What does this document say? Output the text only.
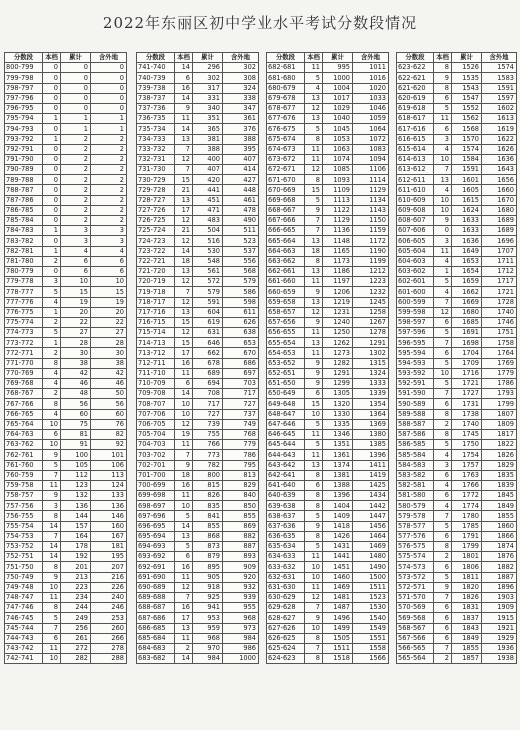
2022年东丽区初中学业水平考试分数段情况
分数段	本档	累计	含外地
800-799	0	0	0
799-798	0	0	0
798-797	0	0	0
797-796	0	0	0
796-795	0	0	0
795-794	1	1	1
794-793	0	1	1
793-792	1	2	2
792-791	0	2	2
791-790	0	2	2
790-789	0	2	2
789-788	0	2	2
788-787	0	2	2
787-786	0	2	2
786-785	0	2	2
785-784	0	2	2
784-783	1	3	3
783-782	0	3	3
782-781	1	4	4
781-780	2	6	6
780-779	0	6	6
779-778	3	10	10
778-777	5	15	15
777-776	4	19	19
776-775	1	20	20
775-774	2	22	22
774-773	5	27	27
773-772	1	28	28
772-771	2	30	30
771-770	8	38	38
770-769	4	42	42
769-768	4	46	46
768-767	2	48	50
767-766	8	56	56
766-765	4	60	60
765-764	10	75	76
764-763	6	81	82
763-762	10	91	92
762-761	9	100	101
761-760	5	105	106
760-759	7	112	113
759-758	11	123	124
758-757	9	132	133
757-756	3	136	136
756-755	8	144	146
755-754	14	157	160
754-753	7	164	167
753-752	14	178	181
752-751	14	192	195
751-750	8	201	207
750-749	9	213	216
749-748	10	223	226
748-747	11	234	240
747-746	8	244	246
746-745	5	249	253
745-744	7	256	260
744-743	6	261	266
743-742	11	272	278
742-741	10	282	288
分数段	本档	累计	含外地
741-740	14	296	302
740-739	6	302	308
739-738	16	317	324
738-737	14	331	338
737-736	9	340	347
736-735	11	351	361
735-734	14	365	376
734-733	13	381	388
733-732	7	388	395
732-731	12	400	407
731-730	7	407	414
730-729	15	420	427
729-728	21	441	448
728-727	13	451	461
727-726	17	471	478
726-725	12	483	490
725-724	21	504	511
724-723	12	516	523
723-722	14	530	537
722-721	18	548	556
721-720	13	561	568
720-719	12	572	579
719-718	7	579	586
718-717	12	591	598
717-716	13	604	611
716-715	15	619	626
715-714	12	631	638
714-713	15	646	653
713-712	17	662	670
712-711	16	678	686
711-710	11	689	697
710-709	6	694	703
709-708	14	708	717
708-707	10	717	727
707-706	10	727	737
706-705	12	739	749
705-704	19	755	768
704-703	11	766	779
703-702	7	773	786
702-701	9	782	795
701-700	18	800	813
700-699	16	815	829
699-698	11	826	840
698-697	10	835	850
697-696	5	841	855
696-695	14	855	869
695-694	13	868	882
694-693	5	873	887
693-692	6	879	893
692-691	16	895	909
691-690	11	905	920
690-689	12	918	932
689-688	7	925	939
688-687	16	941	955
687-686	17	953	968
686-685	13	959	973
685-684	11	968	984
684-683	2	970	986
683-682	14	984	1000
分数段	本档	累计	含外地
682-681	11	995	1011
681-680	5	1000	1016
680-679	4	1004	1020
679-678	13	1017	1033
678-677	12	1029	1046
677-676	13	1040	1059
676-675	5	1045	1064
675-674	8	1053	1072
674-673	11	1063	1083
673-672	11	1074	1094
672-671	12	1085	1106
671-670	8	1093	1114
670-669	15	1109	1129
669-668	5	1113	1134
668-667	9	1122	1143
667-666	7	1129	1150
666-665	7	1136	1159
665-664	13	1148	1172
664-663	18	1165	1190
663-662	8	1173	1199
662-661	13	1186	1212
661-660	11	1197	1223
660-659	9	1206	1232
659-658	13	1219	1245
658-657	12	1231	1258
657-656	9	1240	1267
656-655	11	1250	1278
655-654	13	1262	1291
654-653	11	1273	1302
653-652	9	1282	1315
652-651	9	1291	1324
651-650	9	1299	1333
650-649	6	1305	1339
649-648	15	1320	1354
648-647	10	1330	1364
647-646	5	1335	1369
646-645	11	1346	1380
645-644	5	1351	1385
644-643	11	1361	1396
643-642	13	1374	1411
642-641	8	1381	1419
641-640	6	1388	1425
640-639	8	1396	1434
639-638	8	1404	1442
638-637	5	1409	1447
637-636	9	1418	1456
636-635	8	1426	1464
635-634	5	1431	1469
634-633	11	1441	1480
633-632	10	1451	1490
632-631	10	1460	1500
631-630	11	1469	1511
630-629	12	1481	1523
629-628	7	1487	1530
628-627	9	1496	1540
627-626	10	1499	1549
626-625	8	1505	1551
625-624	7	1511	1558
624-623	8	1518	1566
分数段	本档	累计	含外地
623-622	8	1526	1574
622-621	9	1535	1583
621-620	8	1543	1591
620-619	6	1547	1597
619-618	5	1552	1602
618-617	11	1562	1613
617-616	6	1568	1619
616-615	3	1570	1622
615-614	4	1574	1626
614-613	10	1584	1636
613-612	7	1591	1643
612-611	13	1601	1656
611-610	4	1605	1660
610-609	10	1615	1670
609-608	10	1624	1680
608-607	9	1633	1689
607-606	0	1633	1689
606-605	3	1636	1696
605-604	11	1649	1707
604-603	4	1653	1711
603-602	1	1654	1712
602-601	5	1659	1717
601-600	4	1662	1721
600-599	7	1669	1728
599-598	12	1680	1740
598-597	6	1685	1746
597-596	5	1691	1751
596-595	7	1698	1758
595-594	6	1704	1764
594-593	5	1709	1769
593-592	10	1716	1779
592-591	5	1721	1786
591-590	7	1727	1793
590-589	6	1731	1799
589-588	8	1738	1807
588-587	2	1740	1809
587-586	8	1745	1817
586-585	5	1750	1822
585-584	4	1754	1826
584-583	3	1757	1829
583-582	6	1763	1835
582-581	4	1766	1839
581-580	6	1772	1845
580-579	4	1774	1849
579-578	7	1780	1855
578-577	5	1785	1860
577-576	6	1791	1866
576-575	8	1799	1874
575-574	2	1801	1876
574-573	6	1806	1882
573-572	5	1811	1887
572-571	9	1820	1896
571-570	7	1826	1903
570-569	6	1831	1909
569-568	6	1837	1915
568-567	6	1843	1921
567-566	6	1849	1929
566-565	7	1855	1936
565-564	2	1857	1938
